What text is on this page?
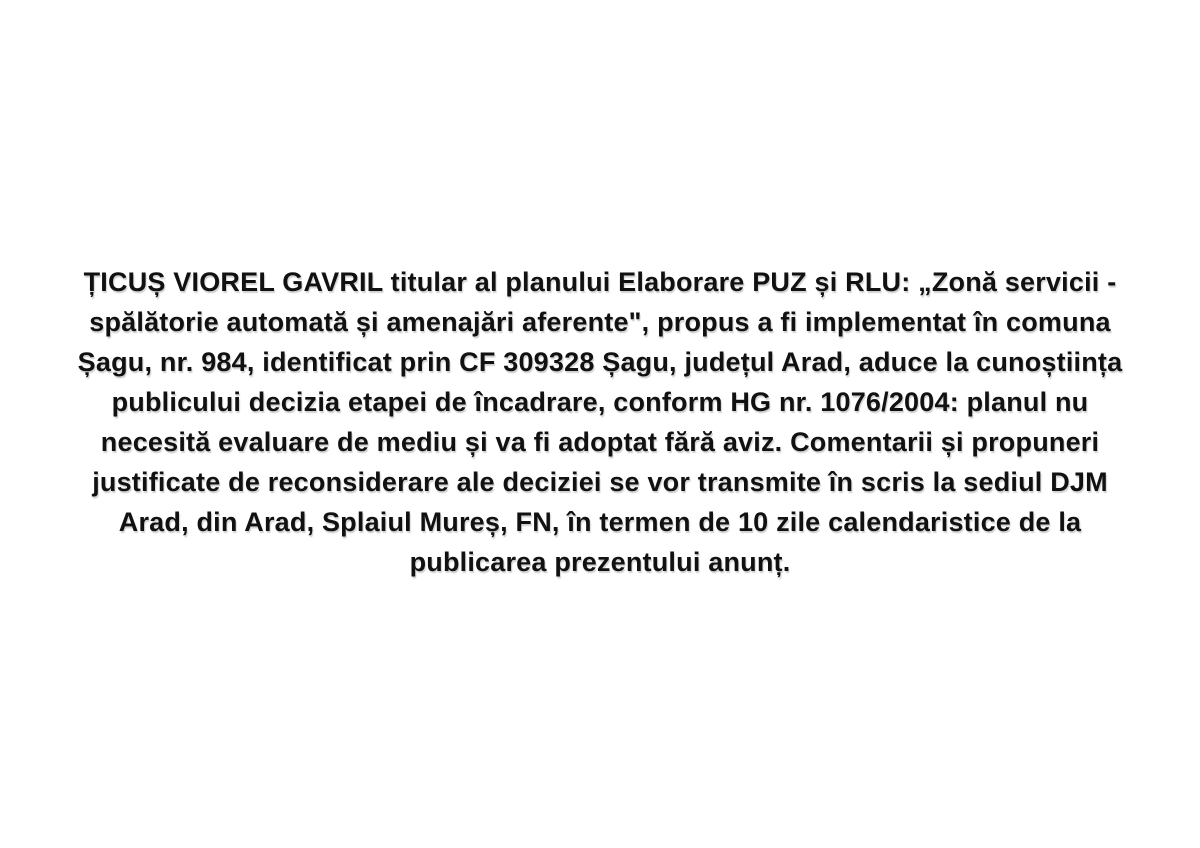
ȚICUȘ VIOREL GAVRIL titular al planului Elaborare PUZ și RLU: „Zonă servicii -
spălătorie automată și amenajări aferente", propus a fi implementat în comuna
Șagu, nr. 984, identificat prin CF 309328 Șagu, județul Arad, aduce la cunoștiința
publicului decizia etapei de încadrare, conform HG nr. 1076/2004: planul nu
necesită evaluare de mediu și va fi adoptat fără aviz. Comentarii și propuneri
justificate de reconsiderare ale deciziei se vor transmite în scris la sediul DJM
Arad, din Arad, Splaiul Mureș, FN, în termen de 10 zile calendaristice de la
publicarea prezentului anunț.
